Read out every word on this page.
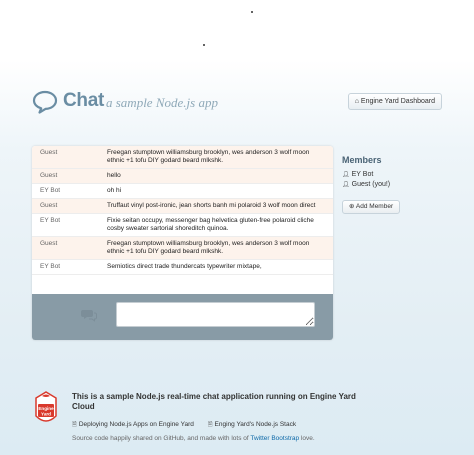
Chat a sample Node.js app	⌂ Engine Yard Dashboard
Guest	Freegan stumptown williamsburg brooklyn, wes anderson 3 wolf moon ethnic +1 tofu DIY godard beard mlkshk.
Guest	hello
EY Bot	oh hi
Guest	Truffaut vinyl post-ironic, jean shorts banh mi polaroid 3 wolf moon direct
EY Bot	Fixie seitan occupy, messenger bag helvetica gluten-free polaroid cliche cosby sweater sartorial shoreditch quinoa.
Guest	Freegan stumptown williamsburg brooklyn, wes anderson 3 wolf moon ethnic +1 tofu DIY godard beard mlkshk.
EY Bot	Semiotics direct trade thundercats typewriter mixtape,
Members
👤︎ EY Bot
👤︎ Guest (you!)
⊕ Add Member
Engine
Yard
This is a sample Node.js real-time chat application running on Engine Yard Cloud
🗎︎ Deploying Node.js Apps on Engine Yard 🗎︎ Enging Yard's Node.js Stack
Source code happily shared on GitHub, and made with lots of Twitter Bootstrap love.
